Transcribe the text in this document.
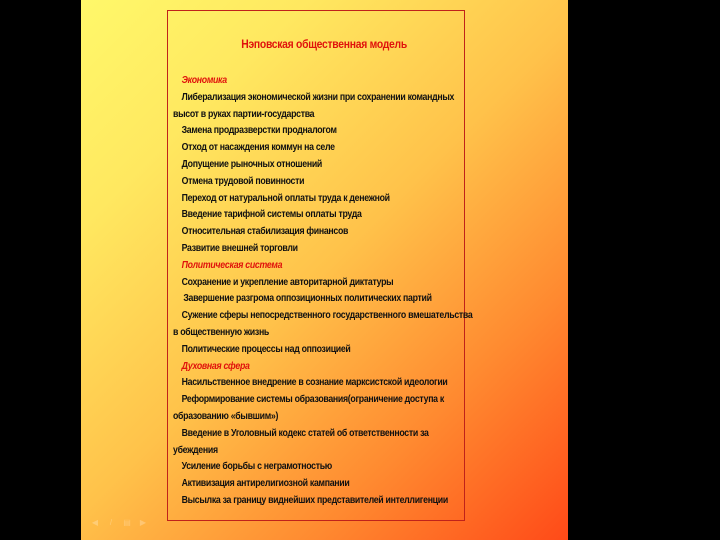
Нэповская общественная модель
Экономика
Либерализация экономической жизни при сохранении командных
высот в руках партии-государства
Замена продразверстки продналогом
Отход от насаждения коммун на селе
Допущение рыночных отношений
Отмена трудовой повинности
Переход от натуральной оплаты труда к денежной
Введение тарифной системы оплаты труда
Относительная стабилизация финансов
Развитие внешней торговли
Политическая система
Сохранение и укрепление авторитарной диктатуры
Завершение разгрома оппозиционных политических партий
Сужение сферы непосредственного государственного вмешательства
в общественную жизнь
Политические процессы над оппозицией
Духовная сфера
Насильственное внедрение в сознание марксистской идеологии
Реформирование системы образования(ограничение доступа к
образованию «бывшим»)
Введение в Уголовный кодекс статей об ответственности за
убеждения
Усиление борьбы с неграмотностью
Активизация антирелигиозной кампании
Высылка за границу виднейших представителей интеллигенции
◀	/	▤ ▶
